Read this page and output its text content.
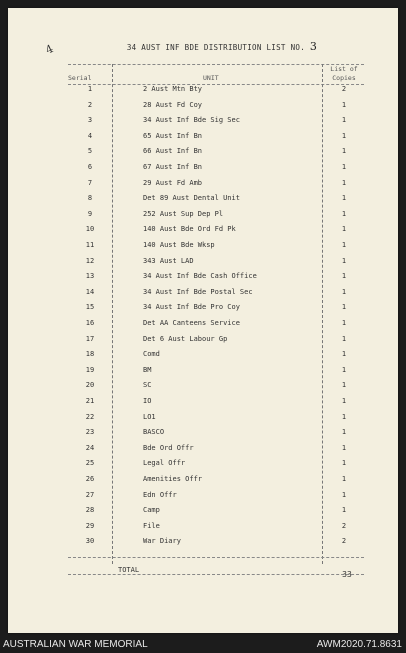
4	34 AUST INF BDE DISTRIBUTION LIST NO. 3
Serial	UNIT
List of
Copies
1	2 Aust Mtn Bty	2
2	28 Aust Fd Coy	1
3	34 Aust Inf Bde Sig Sec	1
4	65 Aust Inf Bn	1
5	66 Aust Inf Bn	1
6	67 Aust Inf Bn	1
7	29 Aust Fd Amb	1
8	Det 89 Aust Dental Unit	1
9	252 Aust Sup Dep Pl	1
10	140 Aust Bde Ord Fd Pk	1
11	140 Aust Bde Wksp	1
12	343 Aust LAD	1
13	34 Aust Inf Bde Cash Office	1
14	34 Aust Inf Bde Postal Sec	1
15	34 Aust Inf Bde Pro Coy	1
16	Det AA Canteens Service	1
17	Det 6 Aust Labour Gp	1
18	Comd	1
19	BM	1
20	SC	1
21	IO	1
22	LO1	1
23	BASCO	1
24	Bde Ord Offr	1
25	Legal Offr	1
26	Amenities Offr	1
27	Edn Offr	1
28	Camp	1
29	File	2
30	War Diary	2
TOTAL	33
AUSTRALIAN WAR MEMORIAL	AWM2020.71.8631
